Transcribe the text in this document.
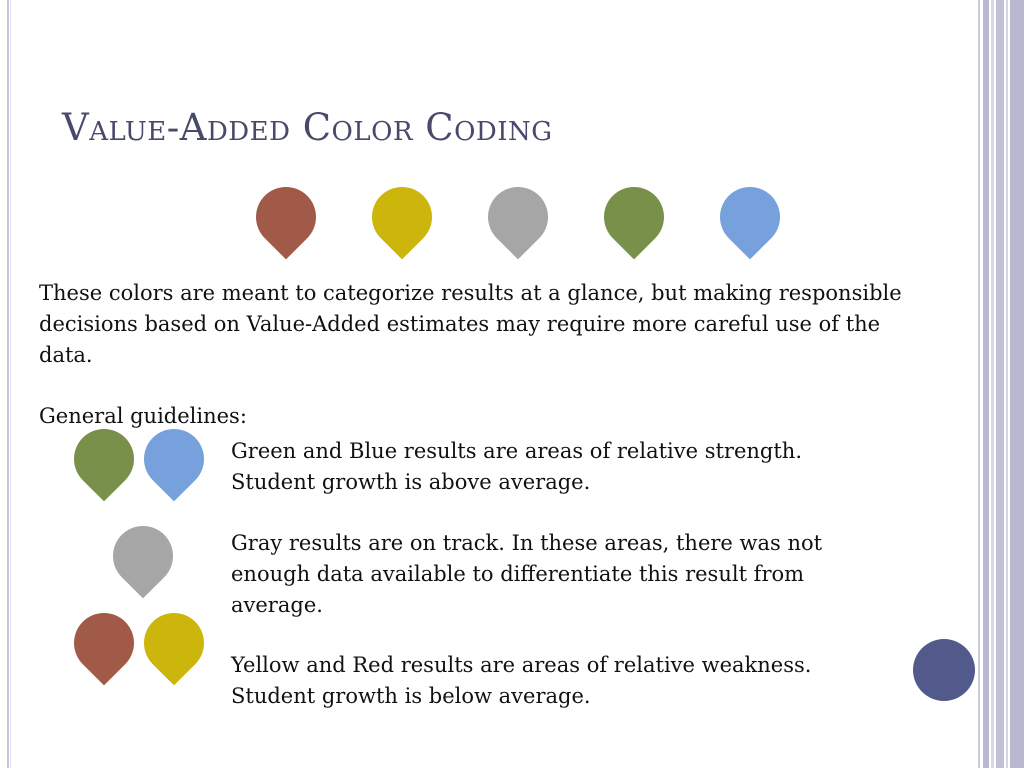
Value-Added Color Coding
These colors are meant to categorize results at a glance, but making responsible decisions based on Value-Added estimates may require more careful use of the data.
General guidelines:
Green and Blue results are areas of relative strength.
Student growth is above average.
Gray results are on track. In these areas, there was not enough data available to differentiate this result from average.
Yellow and Red results are areas of relative weakness.
Student growth is below average.
